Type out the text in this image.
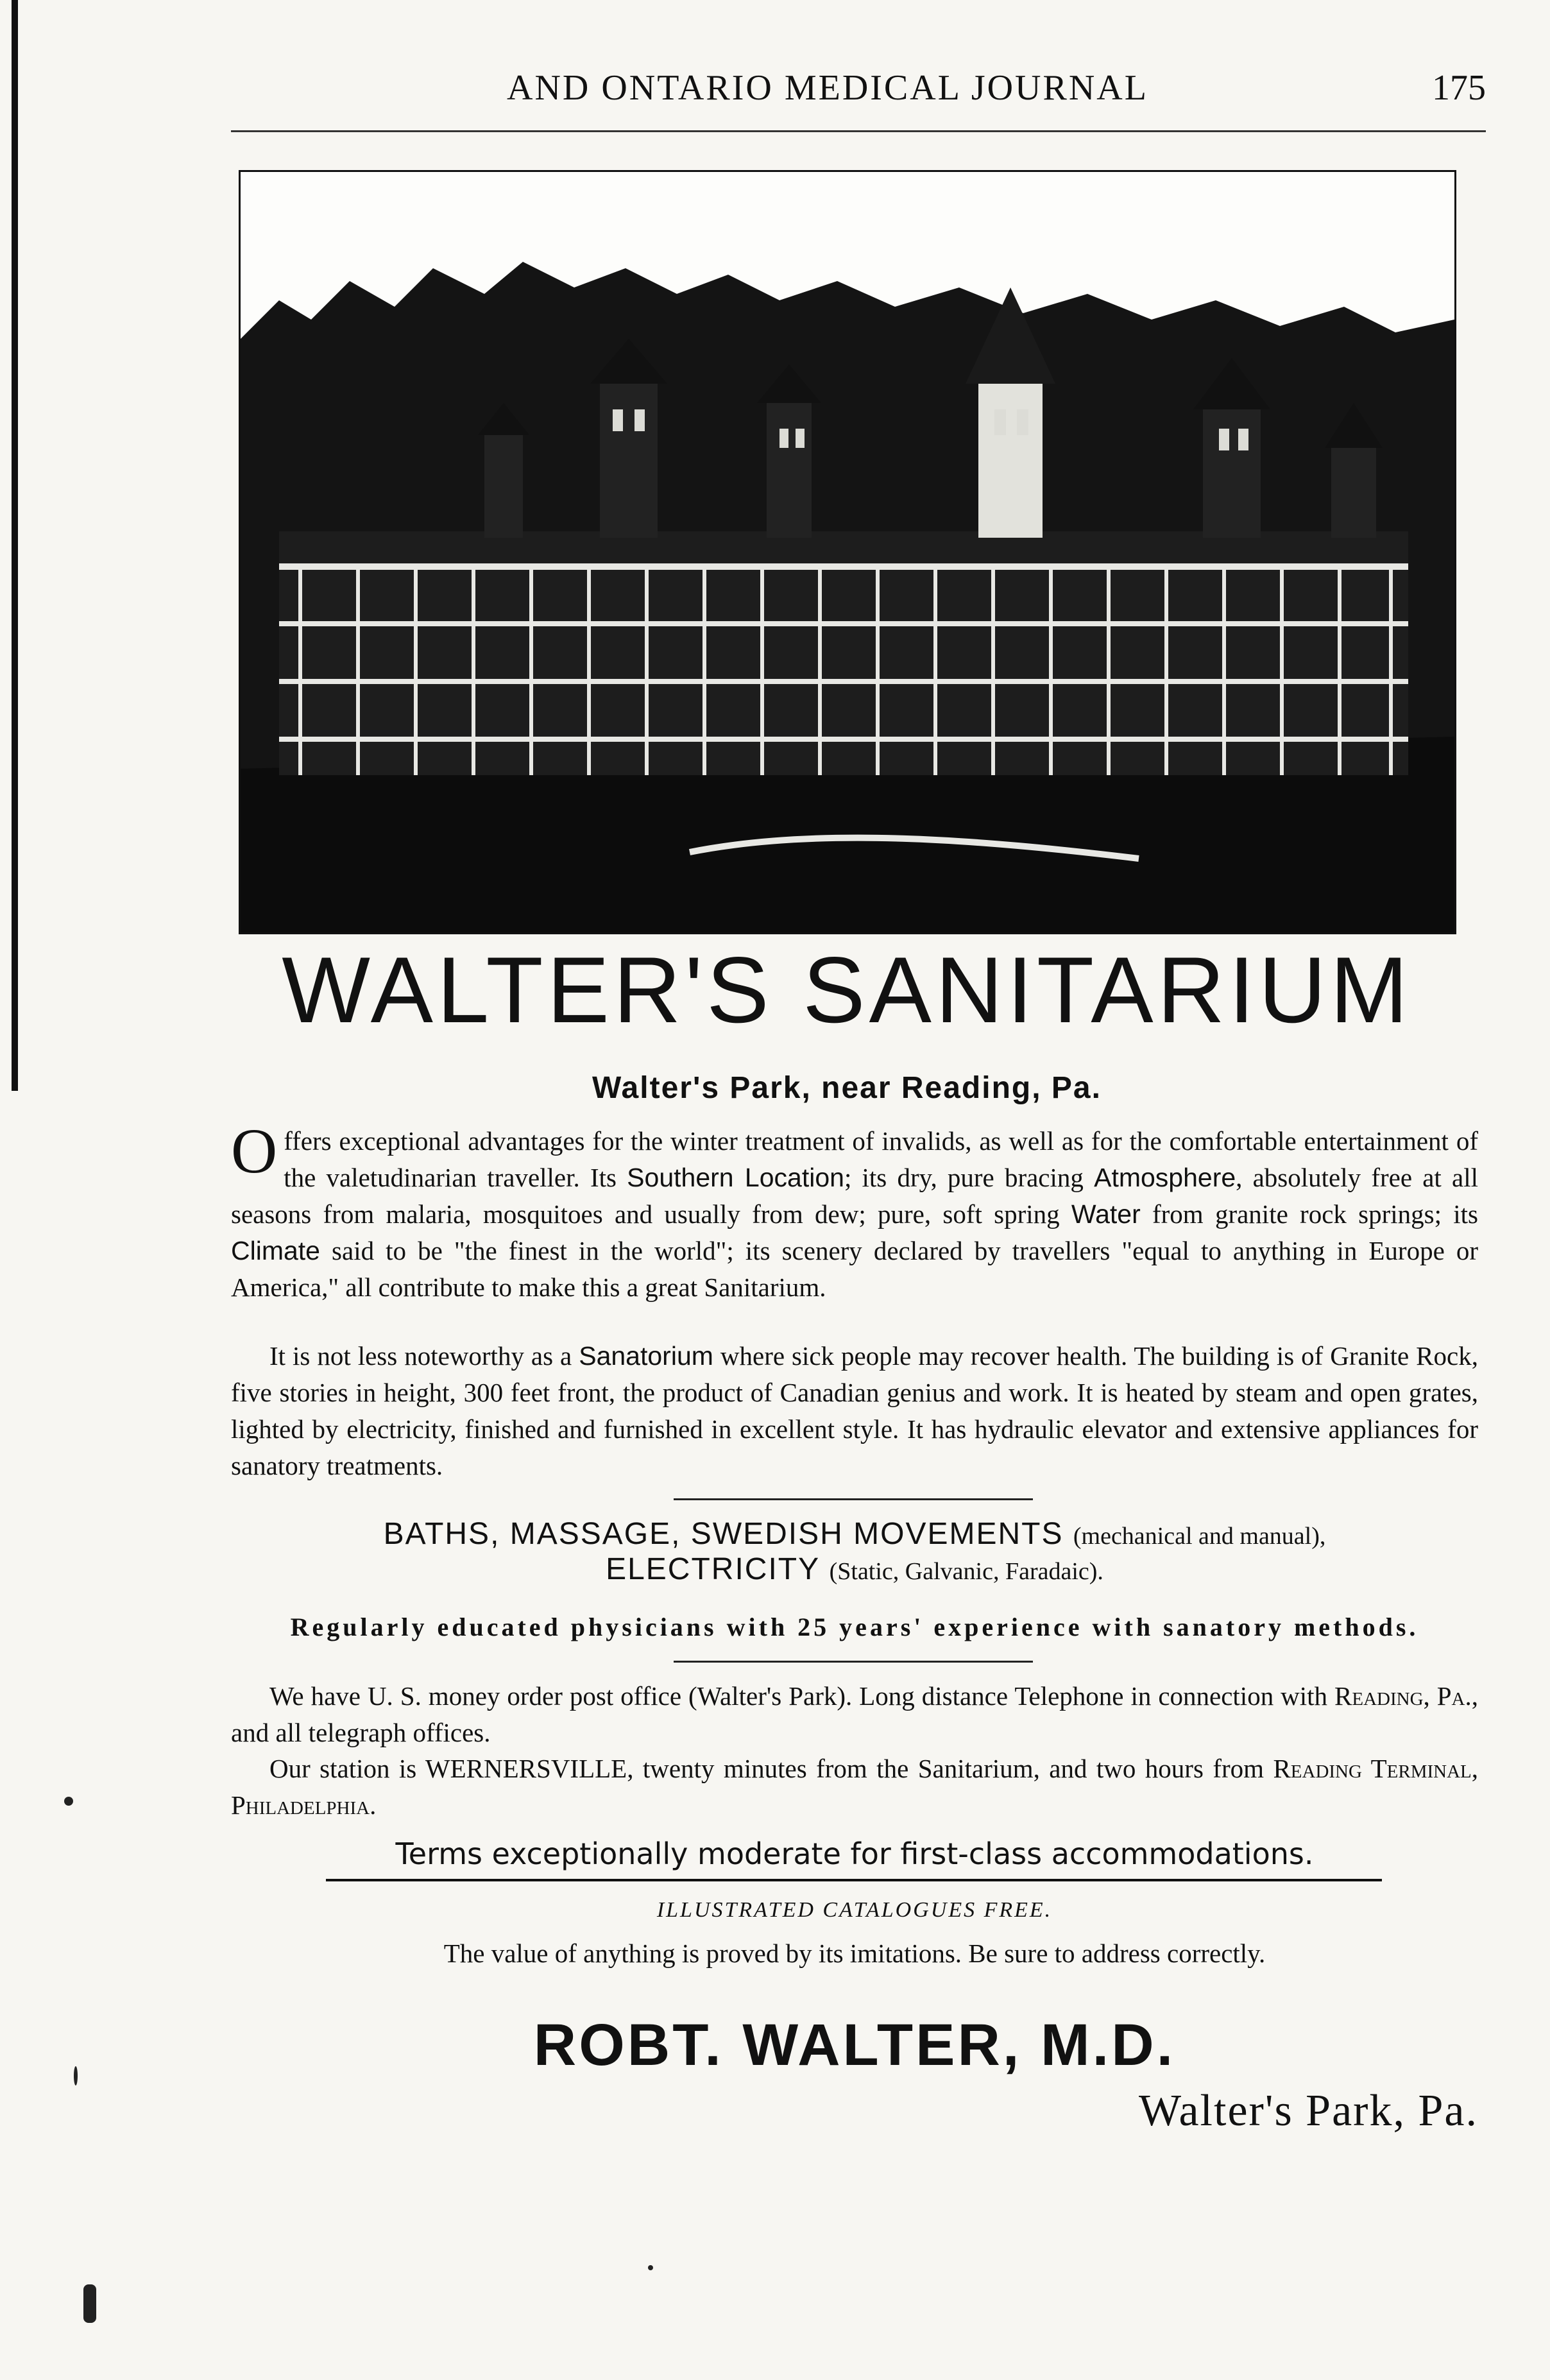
AND ONTARIO MEDICAL JOURNAL	175
WALTER'S SANITARIUM
Walter's Park, near Reading, Pa.

Offers exceptional advantages for the winter treatment of invalids, as well as for the comfortable entertainment of the valetudinarian traveller. Its Southern Location; its dry, pure bracing Atmosphere, absolutely free at all seasons from malaria, mosquitoes and usually from dew; pure, soft spring Water from granite rock springs; its Climate said to be "the finest in the world"; its scenery declared by travellers "equal to anything in Europe or America," all contribute to make this a great Sanitarium.

It is not less noteworthy as a Sanatorium where sick people may recover health. The building is of Granite Rock, five stories in height, 300 feet front, the product of Canadian genius and work. It is heated by steam and open grates, lighted by electricity, finished and furnished in excellent style. It has hydraulic elevator and extensive appliances for sanatory treatments.

BATHS, MASSAGE, SWEDISH MOVEMENTS (mechanical and manual),
ELECTRICITY (Static, Galvanic, Faradaic).
Regularly educated physicians with 25 years' experience with sanatory methods.

We have U. S. money order post office (Walter's Park). Long distance Telephone in connection with Reading, Pa., and all telegraph offices.

Our station is WERNERSVILLE, twenty minutes from the Sanitarium, and two hours from Reading Terminal, Philadelphia.

Terms exceptionally moderate for first-class accommodations.
ILLUSTRATED CATALOGUES FREE.
The value of anything is proved by its imitations. Be sure to address correctly.
ROBT. WALTER, M.D.
Walter's Park, Pa.
